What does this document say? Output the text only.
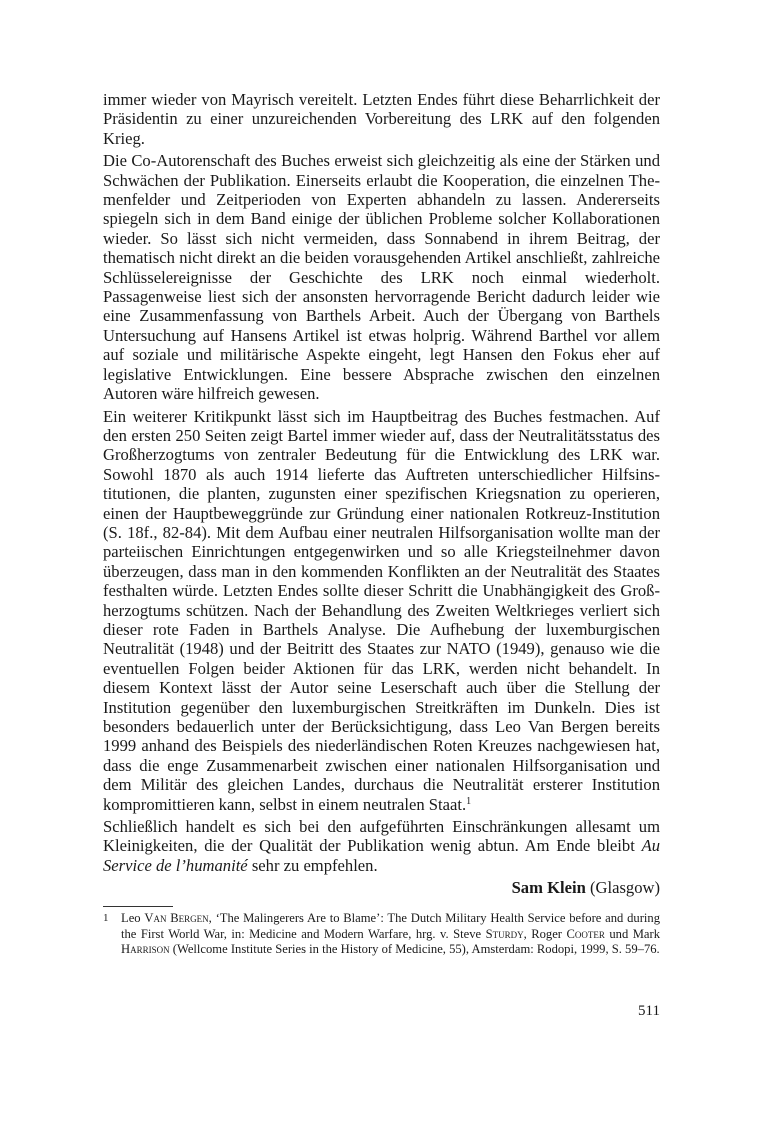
immer wieder von Mayrisch vereitelt. Letzten Endes führt diese Beharrlichkeit der Präsidentin zu einer unzureichenden Vorbereitung des LRK auf den folgenden Krieg.

Die Co-Autorenschaft des Buches erweist sich gleichzeitig als eine der Stärken und Schwächen der Publikation. Einerseits erlaubt die Kooperation, die einzelnen Themenfelder und Zeitperioden von Experten abhandeln zu lassen. Andererseits spiegeln sich in dem Band einige der üblichen Probleme solcher Kollaborationen wieder. So lässt sich nicht vermeiden, dass Sonnabend in ihrem Beitrag, der thematisch nicht direkt an die beiden vorausgehenden Artikel anschließt, zahlreiche Schlüsselereignisse der Geschichte des LRK noch einmal wiederholt. Passagenweise liest sich der ansonsten hervorragende Bericht dadurch leider wie eine Zusammenfassung von Barthels Arbeit. Auch der Übergang von Barthels Untersuchung auf Hansens Artikel ist etwas holprig. Während Barthel vor allem auf soziale und militärische Aspekte eingeht, legt Hansen den Fokus eher auf legislative Entwicklungen. Eine bessere Absprache zwischen den einzelnen Autoren wäre hilfreich gewesen.

Ein weiterer Kritikpunkt lässt sich im Hauptbeitrag des Buches festmachen. Auf den ersten 250 Seiten zeigt Bartel immer wieder auf, dass der Neutralitätsstatus des Großherzogtums von zentraler Bedeutung für die Entwicklung des LRK war. Sowohl 1870 als auch 1914 lieferte das Auftreten unterschiedlicher Hilfsinstitutionen, die planten, zugunsten einer spezifischen Kriegsnation zu operieren, einen der Hauptbeweggründe zur Gründung einer nationalen Rotkreuz-Institution (S. 18f., 82-84). Mit dem Aufbau einer neutralen Hilfsorganisation wollte man der parteiischen Einrichtungen entgegenwirken und so alle Kriegsteilnehmer davon überzeugen, dass man in den kommenden Konflikten an der Neutralität des Staates festhalten würde. Letzten Endes sollte dieser Schritt die Unabhängigkeit des Großherzogtums schützen. Nach der Behandlung des Zweiten Weltkrieges verliert sich dieser rote Faden in Barthels Analyse. Die Aufhebung der luxemburgischen Neutralität (1948) und der Beitritt des Staates zur NATO (1949), genauso wie die eventuellen Folgen beider Aktionen für das LRK, werden nicht behandelt. In diesem Kontext lässt der Autor seine Leserschaft auch über die Stellung der Institution gegenüber den luxemburgischen Streitkräften im Dunkeln. Dies ist besonders bedauerlich unter der Berücksichtigung, dass Leo Van Bergen bereits 1999 anhand des Beispiels des niederländischen Roten Kreuzes nachgewiesen hat, dass die enge Zusammenarbeit zwischen einer nationalen Hilfsorganisation und dem Militär des gleichen Landes, durchaus die Neutralität ersterer Institution kompromittieren kann, selbst in einem neutralen Staat.$^1$

Schließlich handelt es sich bei den aufgeführten Einschränkungen allesamt um Kleinigkeiten, die der Qualität der Publikation wenig abtun. Am Ende bleibt Au Service de l’humanité sehr zu empfehlen.

Sam Klein (Glasgow)

1 Leo Van Bergen, ‘The Malingerers Are to Blame’: The Dutch Military Health Service before and during the First World War, in: Medicine and Modern Warfare, hrg. v. Steve Sturdy, Roger Cooter und Mark Harrison (Wellcome Institute Series in the History of Medicine, 55), Amsterdam: Rodopi, 1999, S. 59–76.
511
